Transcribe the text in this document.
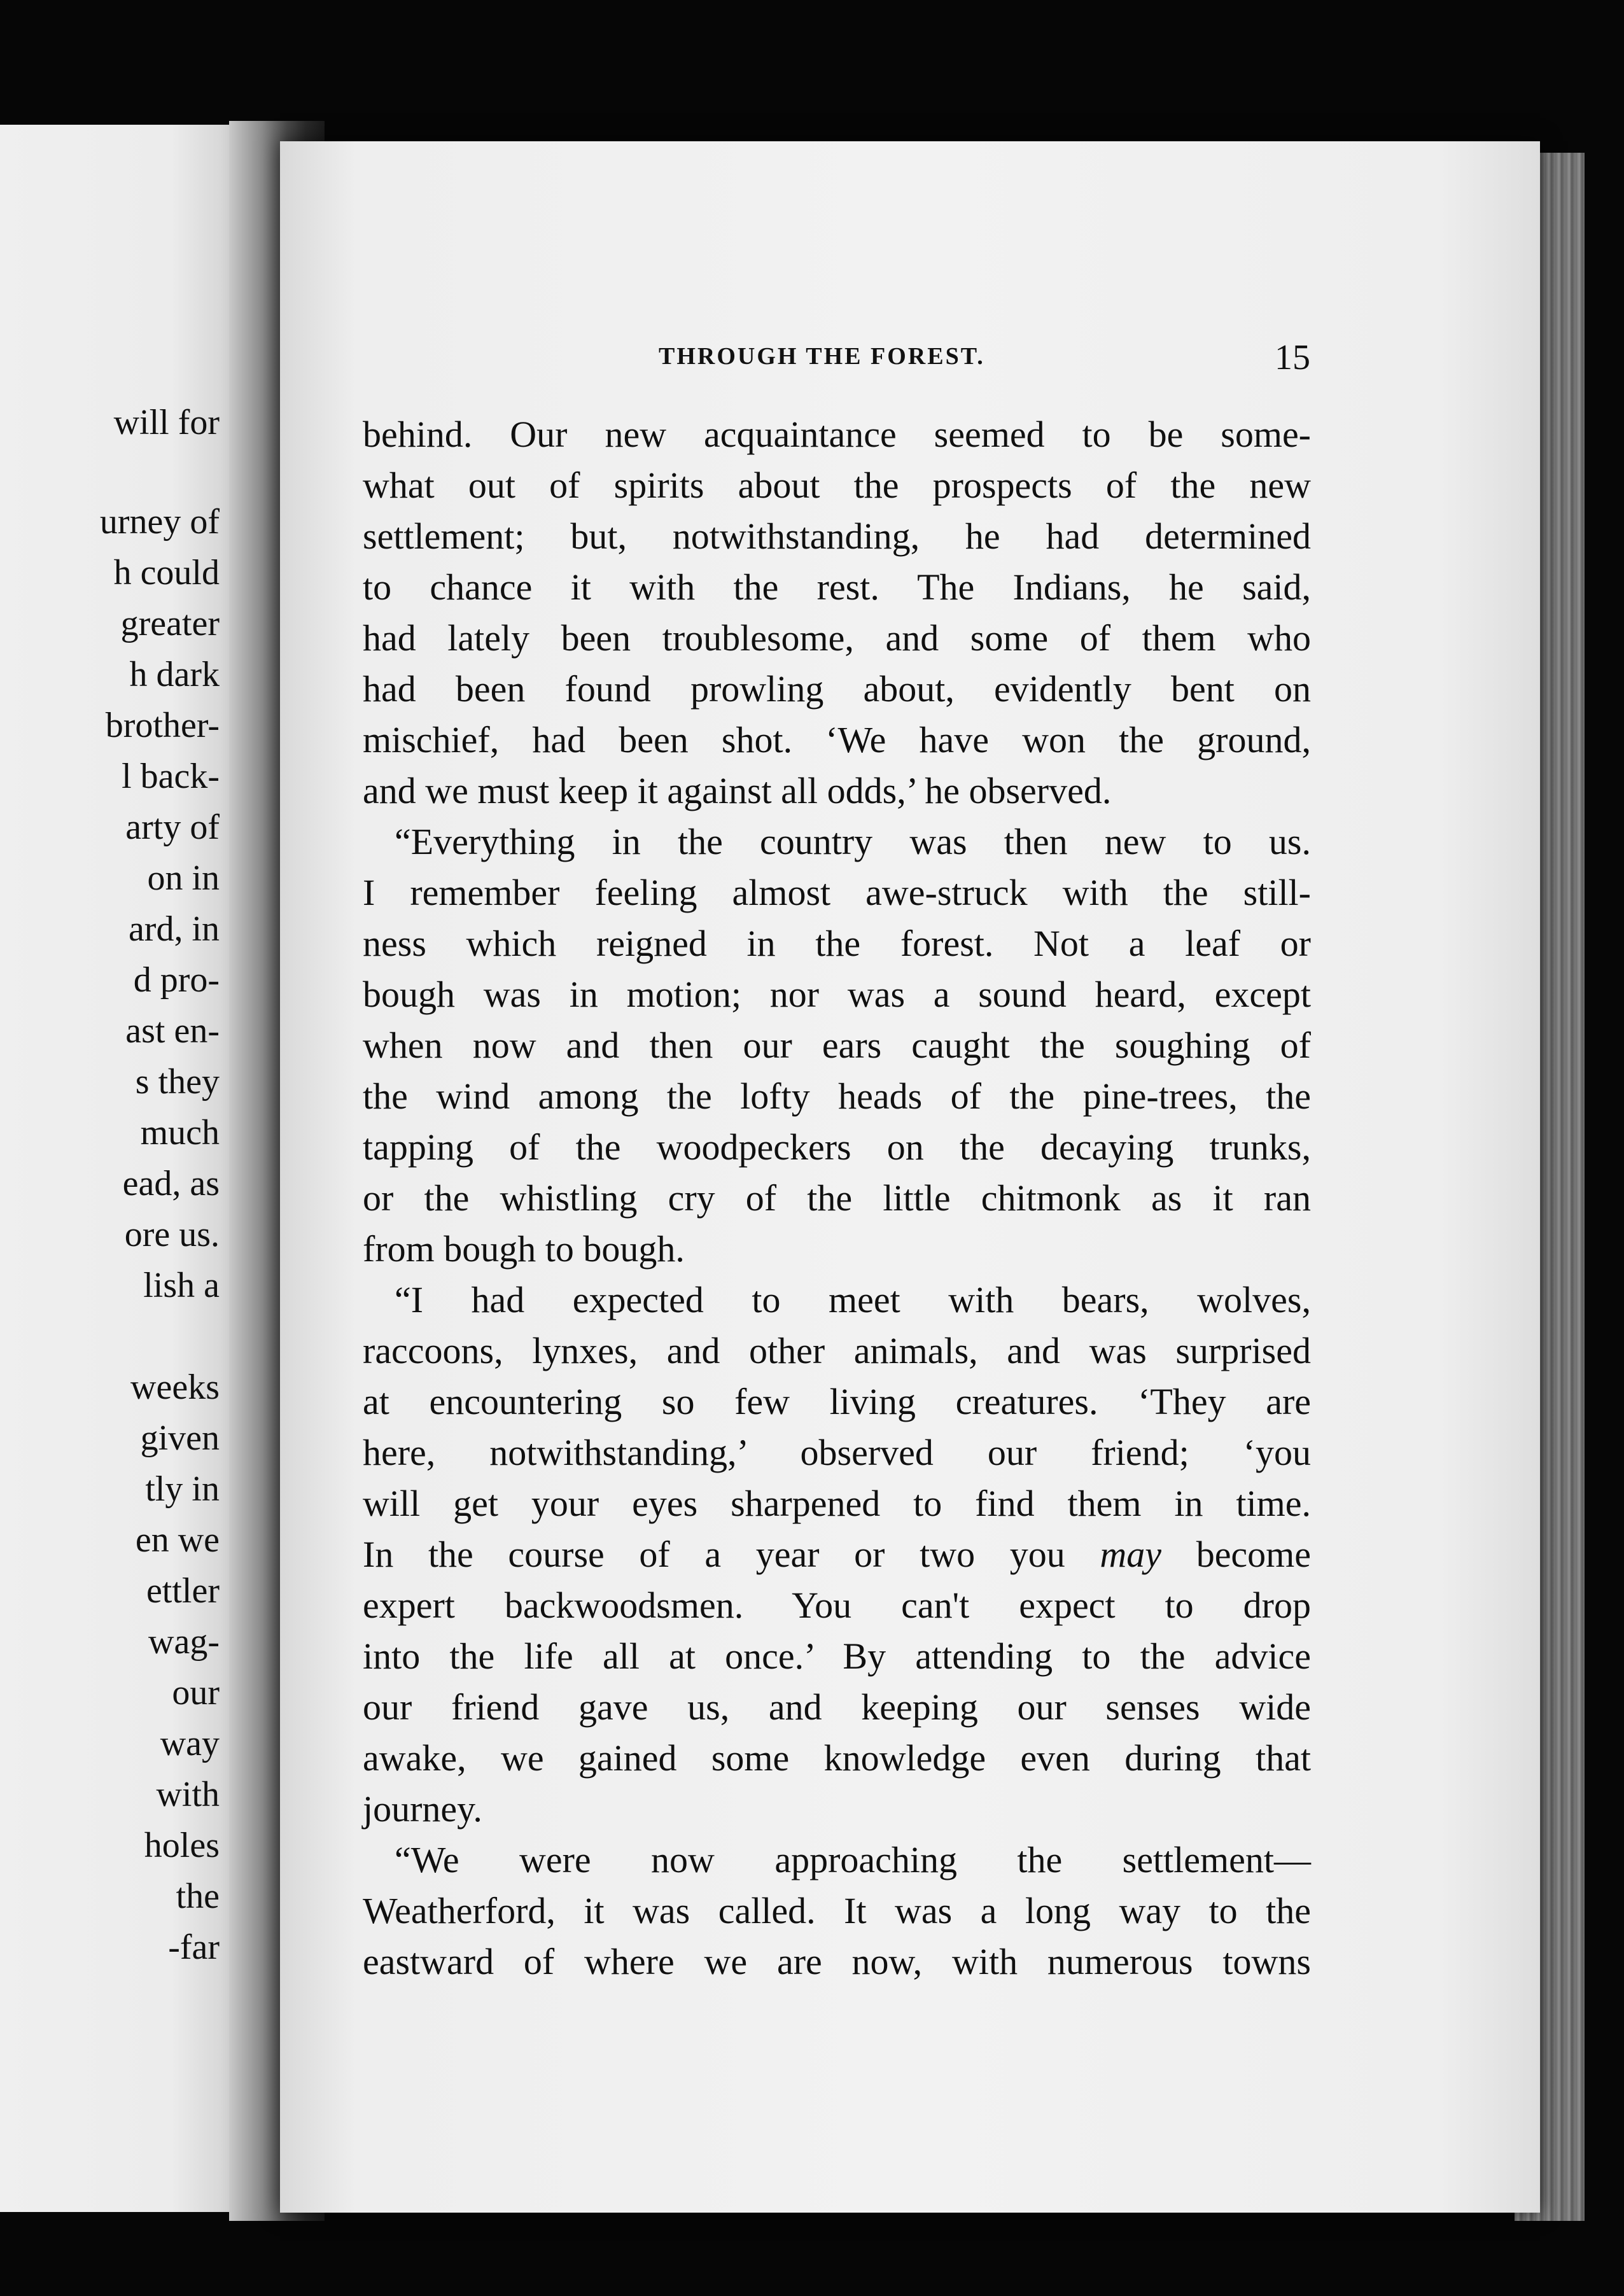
will for
urney of
h could
greater
h dark
brother-
l back-
arty of
on in
ard, in
d pro-
ast en-
s they
much
ead, as
ore us.
lish a
weeks
given
tly in
en we
ettler
wag-
our
way
with
holes
the
-far
THROUGH THE FOREST.	15
behind. Our new acquaintance seemed to be some-
what out of spirits about the prospects of the new
settlement; but, notwithstanding, he had determined
to chance it with the rest. The Indians, he said,
had lately been troublesome, and some of them who
had been found prowling about, evidently bent on
mischief, had been shot. ‘We have won the ground,
and we must keep it against all odds,’ he observed.
“Everything in the country was then new to us.
I remember feeling almost awe-struck with the still-
ness which reigned in the forest. Not a leaf or
bough was in motion; nor was a sound heard, except
when now and then our ears caught the soughing of
the wind among the lofty heads of the pine-trees, the
tapping of the woodpeckers on the decaying trunks,
or the whistling cry of the little chitmonk as it ran
from bough to bough.
“I had expected to meet with bears, wolves,
raccoons, lynxes, and other animals, and was surprised
at encountering so few living creatures. ‘They are
here, notwithstanding,’ observed our friend; ‘you
will get your eyes sharpened to find them in time.
In the course of a year or two you may become
expert backwoodsmen. You can't expect to drop
into the life all at once.’ By attending to the advice
our friend gave us, and keeping our senses wide
awake, we gained some knowledge even during that
journey.
“We were now approaching the settlement—
Weatherford, it was called. It was a long way to the
eastward of where we are now, with numerous towns
